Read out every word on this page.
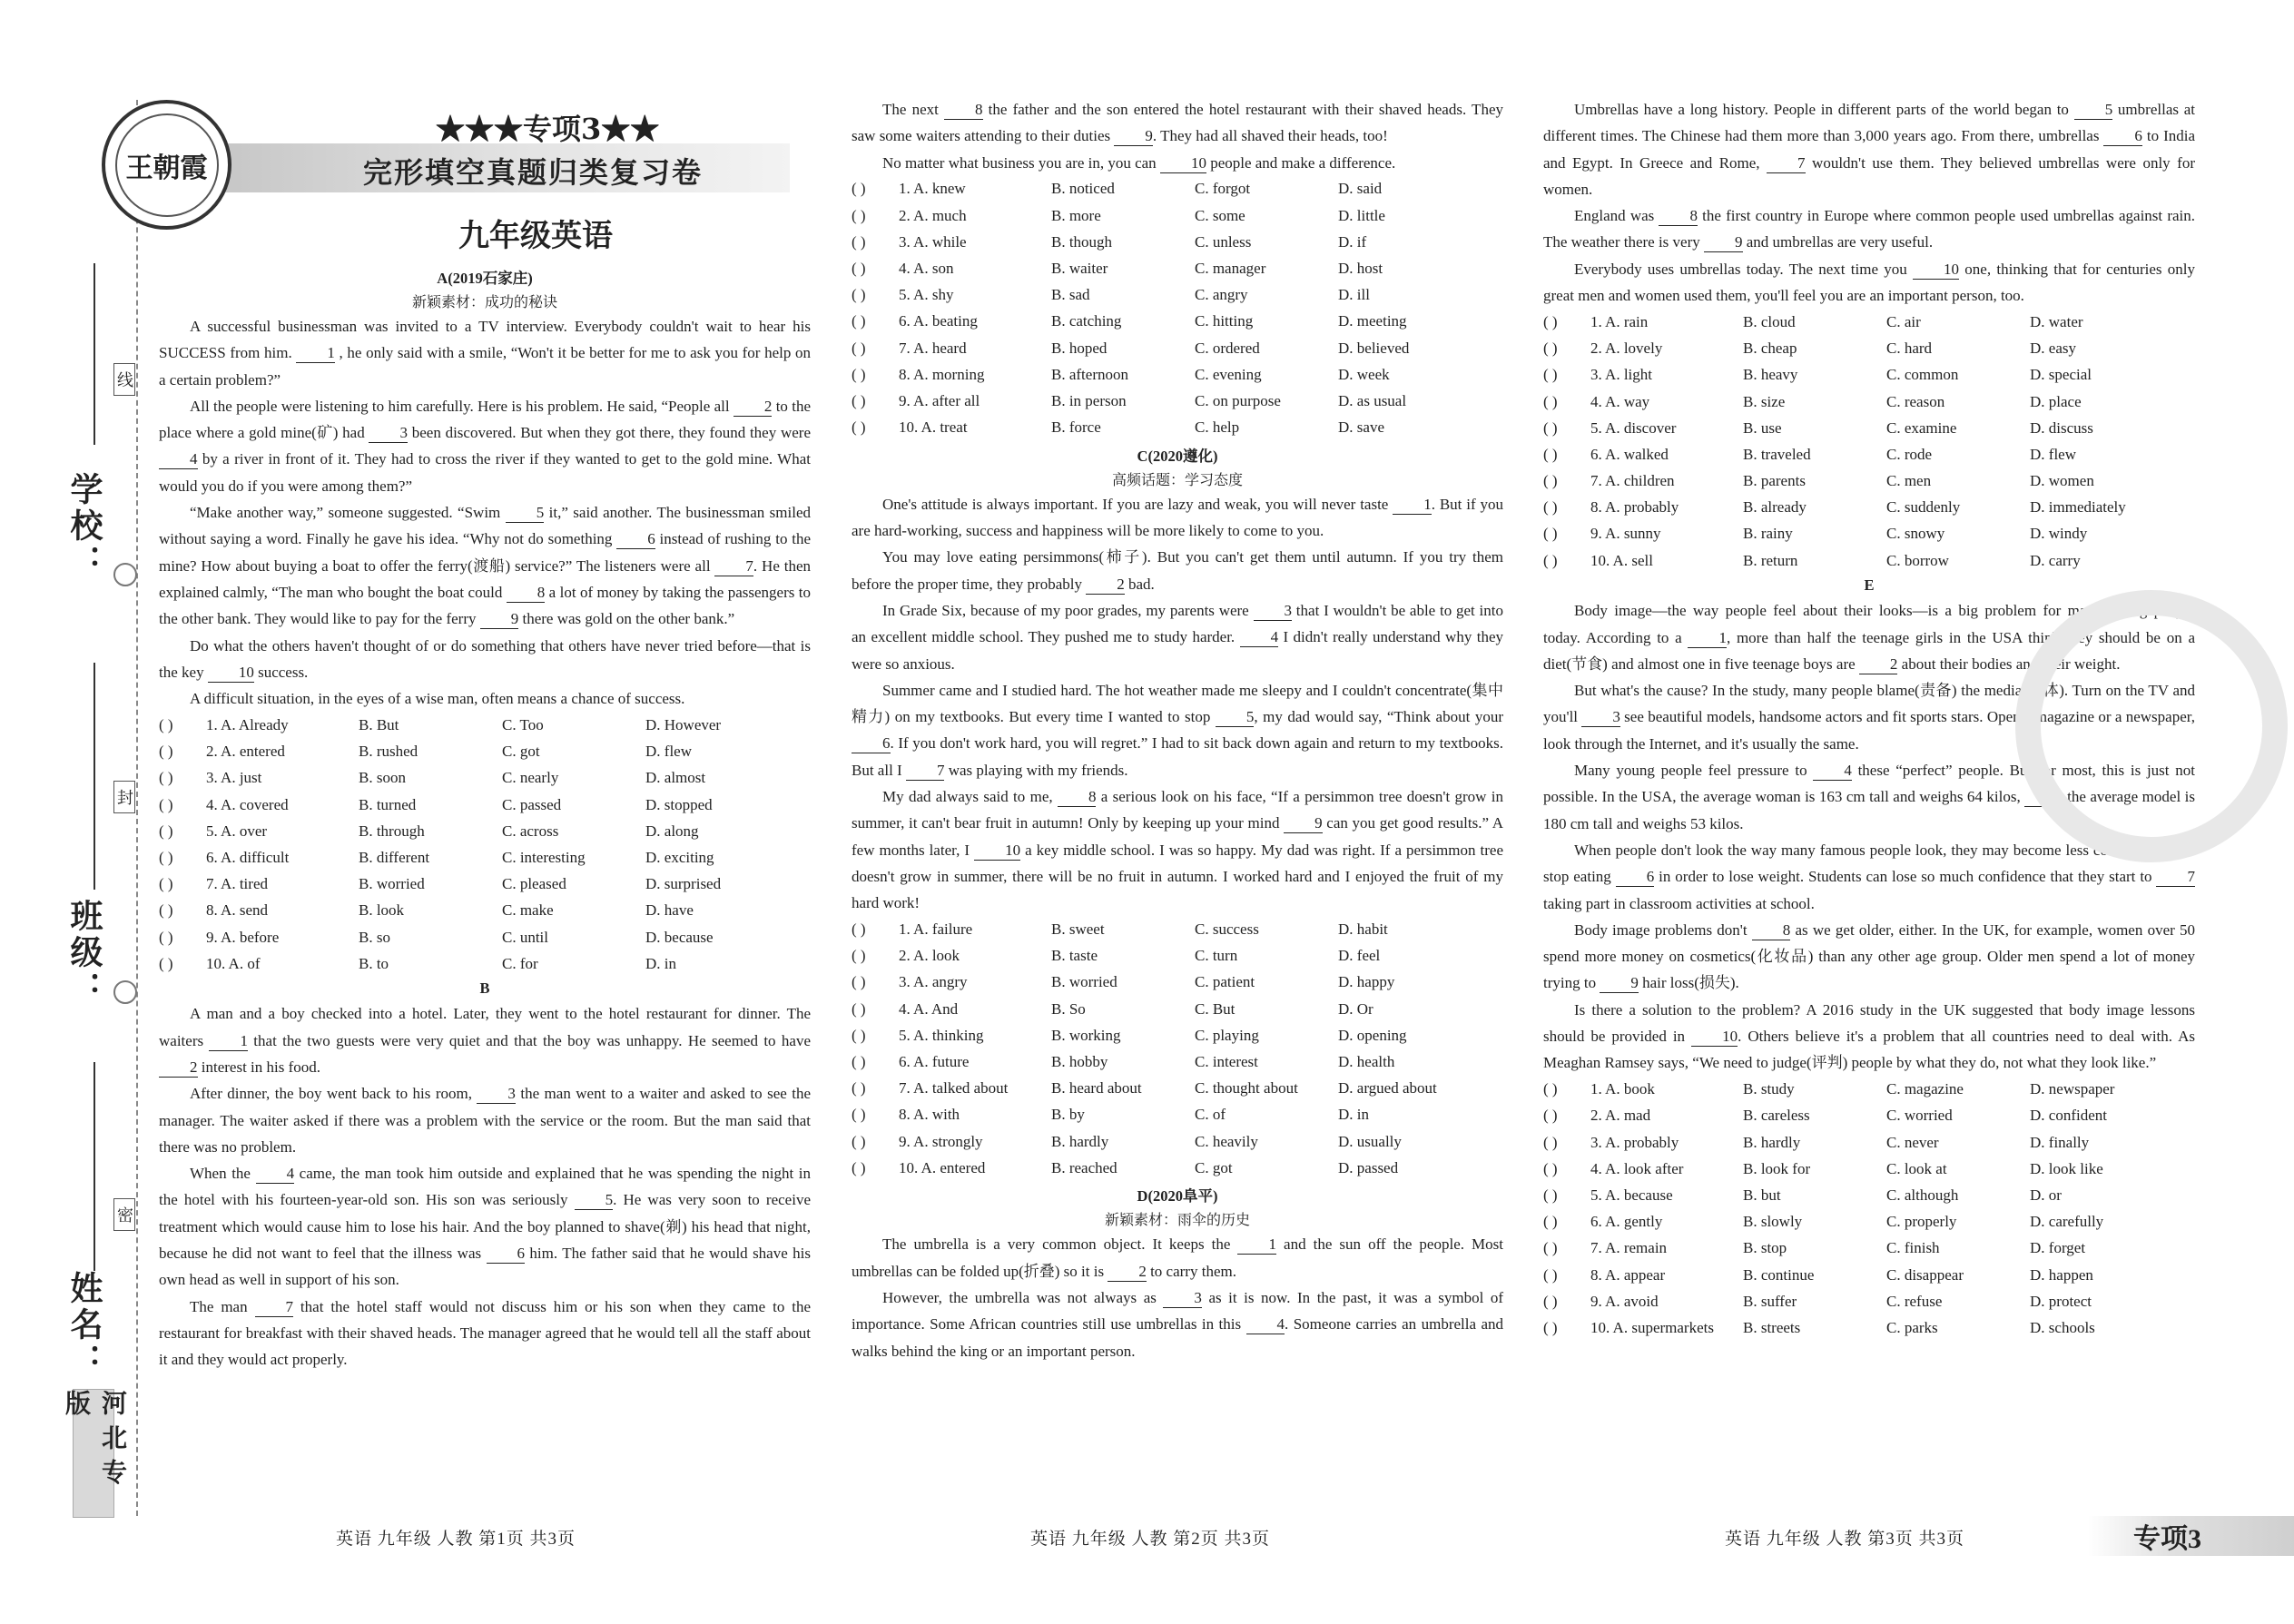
学校：
班级：
姓名：
线
封
密
河北专版
王朝霞
★★★专项3★★
完形填空真题归类复习卷
九年级英语
A(2019石家庄)
新颖素材：成功的秘诀

A successful businessman was invited to a TV interview. Everybody couldn't wait to hear his SUCCESS from him. 1 , he only said with a smile, “Won't it be better for me to ask you for help on a certain problem?”

All the people were listening to him carefully. Here is his problem. He said, “People all 2 to the place where a gold mine(矿) had 3 been discovered. But when they got there, they found they were 4 by a river in front of it. They had to cross the river if they wanted to get to the gold mine. What would you do if you were among them?”

“Make another way,” someone suggested. “Swim 5 it,” said another. The businessman smiled without saying a word. Finally he gave his idea. “Why not do something 6 instead of rushing to the mine? How about buying a boat to offer the ferry(渡船) service?” The listeners were all 7. He then explained calmly, “The man who bought the boat could 8 a lot of money by taking the passengers to the other bank. They would like to pay for the ferry 9 there was gold on the other bank.”

Do what the others haven't thought of or do something that others have never tried before—that is the key 10 success.

A difficult situation, in the eyes of a wise man, often means a chance of success.

( )	1. A. Already	B. But	C. Too	D. However
( )	2. A. entered	B. rushed	C. got	D. flew
( )	3. A. just	B. soon	C. nearly	D. almost
( )	4. A. covered	B. turned	C. passed	D. stopped
( )	5. A. over	B. through	C. across	D. along
( )	6. A. difficult	B. different	C. interesting	D. exciting
( )	7. A. tired	B. worried	C. pleased	D. surprised
( )	8. A. send	B. look	C. make	D. have
( )	9. A. before	B. so	C. until	D. because
( )	10. A. of	B. to	C. for	D. in
B

A man and a boy checked into a hotel. Later, they went to the hotel restaurant for dinner. The waiters 1 that the two guests were very quiet and that the boy was unhappy. He seemed to have 2 interest in his food.

After dinner, the boy went back to his room, 3 the man went to a waiter and asked to see the manager. The waiter asked if there was a problem with the service or the room. But the man said that there was no problem.

When the 4 came, the man took him outside and explained that he was spending the night in the hotel with his fourteen-year-old son. His son was seriously 5. He was very soon to receive treatment which would cause him to lose his hair. And the boy planned to shave(剃) his head that night, because he did not want to feel that the illness was 6 him. The father said that he would shave his own head as well in support of his son.

The man 7 that the hotel staff would not discuss him or his son when they came to the restaurant for breakfast with their shaved heads. The manager agreed that he would tell all the staff about it and they would act properly.

The next 8 the father and the son entered the hotel restaurant with their shaved heads. They saw some waiters attending to their duties 9. They had all shaved their heads, too!

No matter what business you are in, you can 10 people and make a difference.

( )	1. A. knew	B. noticed	C. forgot	D. said
( )	2. A. much	B. more	C. some	D. little
( )	3. A. while	B. though	C. unless	D. if
( )	4. A. son	B. waiter	C. manager	D. host
( )	5. A. shy	B. sad	C. angry	D. ill
( )	6. A. beating	B. catching	C. hitting	D. meeting
( )	7. A. heard	B. hoped	C. ordered	D. believed
( )	8. A. morning	B. afternoon	C. evening	D. week
( )	9. A. after all	B. in person	C. on purpose	D. as usual
( )	10. A. treat	B. force	C. help	D. save
C(2020遵化)
高频话题：学习态度

One's attitude is always important. If you are lazy and weak, you will never taste 1. But if you are hard-working, success and happiness will be more likely to come to you.

You may love eating persimmons(柿子). But you can't get them until autumn. If you try them before the proper time, they probably 2 bad.

In Grade Six, because of my poor grades, my parents were 3 that I wouldn't be able to get into an excellent middle school. They pushed me to study harder. 4 I didn't really understand why they were so anxious.

Summer came and I studied hard. The hot weather made me sleepy and I couldn't concentrate(集中精力) on my textbooks. But every time I wanted to stop 5, my dad would say, “Think about your 6. If you don't work hard, you will regret.” I had to sit back down again and return to my textbooks. But all I 7 was playing with my friends.

My dad always said to me, 8 a serious look on his face, “If a persimmon tree doesn't grow in summer, it can't bear fruit in autumn! Only by keeping up your mind 9 can you get good results.” A few months later, I 10 a key middle school. I was so happy. My dad was right. If a persimmon tree doesn't grow in summer, there will be no fruit in autumn. I worked hard and I enjoyed the fruit of my hard work!

( )	1. A. failure	B. sweet	C. success	D. habit
( )	2. A. look	B. taste	C. turn	D. feel
( )	3. A. angry	B. worried	C. patient	D. happy
( )	4. A. And	B. So	C. But	D. Or
( )	5. A. thinking	B. working	C. playing	D. opening
( )	6. A. future	B. hobby	C. interest	D. health
( )	7. A. talked about	B. heard about	C. thought about	D. argued about
( )	8. A. with	B. by	C. of	D. in
( )	9. A. strongly	B. hardly	C. heavily	D. usually
( )	10. A. entered	B. reached	C. got	D. passed
D(2020阜平)
新颖素材：雨伞的历史

The umbrella is a very common object. It keeps the 1 and the sun off the people. Most umbrellas can be folded up(折叠) so it is 2 to carry them.

However, the umbrella was not always as 3 as it is now. In the past, it was a symbol of importance. Some African countries still use umbrellas in this 4. Someone carries an umbrella and walks behind the king or an important person.

Umbrellas have a long history. People in different parts of the world began to 5 umbrellas at different times. The Chinese had them more than 3,000 years ago. From there, umbrellas 6 to India and Egypt. In Greece and Rome, 7 wouldn't use them. They believed umbrellas were only for women.

England was 8 the first country in Europe where common people used umbrellas against rain. The weather there is very 9 and umbrellas are very useful.

Everybody uses umbrellas today. The next time you 10 one, thinking that for centuries only great men and women used them, you'll feel you are an important person, too.

( )	1. A. rain	B. cloud	C. air	D. water
( )	2. A. lovely	B. cheap	C. hard	D. easy
( )	3. A. light	B. heavy	C. common	D. special
( )	4. A. way	B. size	C. reason	D. place
( )	5. A. discover	B. use	C. examine	D. discuss
( )	6. A. walked	B. traveled	C. rode	D. flew
( )	7. A. children	B. parents	C. men	D. women
( )	8. A. probably	B. already	C. suddenly	D. immediately
( )	9. A. sunny	B. rainy	C. snowy	D. windy
( )	10. A. sell	B. return	C. borrow	D. carry
E

Body image—the way people feel about their looks—is a big problem for many young people today. According to a 1, more than half the teenage girls in the USA think they should be on a diet(节食) and almost one in five teenage boys are 2 about their bodies and their weight.

But what's the cause? In the study, many people blame(责备) the media(媒体). Turn on the TV and you'll 3 see beautiful models, handsome actors and fit sports stars. Open a magazine or a newspaper, look through the Internet, and it's usually the same.

Many young people feel pressure to 4 these “perfect” people. But for most, this is just not possible. In the USA, the average woman is 163 cm tall and weighs 64 kilos, 5 the average model is 180 cm tall and weighs 53 kilos.

When people don't look the way many famous people look, they may become less confident. Some stop eating 6 in order to lose weight. Students can lose so much confidence that they start to 7 taking part in classroom activities at school.

Body image problems don't 8 as we get older, either. In the UK, for example, women over 50 spend more money on cosmetics(化妆品) than any other age group. Older men spend a lot of money trying to 9 hair loss(损失).

Is there a solution to the problem? A 2016 study in the UK suggested that body image lessons should be provided in 10. Others believe it's a problem that all countries need to deal with. As Meaghan Ramsey says, “We need to judge(评判) people by what they do, not what they look like.”

( )	1. A. book	B. study	C. magazine	D. newspaper
( )	2. A. mad	B. careless	C. worried	D. confident
( )	3. A. probably	B. hardly	C. never	D. finally
( )	4. A. look after	B. look for	C. look at	D. look like
( )	5. A. because	B. but	C. although	D. or
( )	6. A. gently	B. slowly	C. properly	D. carefully
( )	7. A. remain	B. stop	C. finish	D. forget
( )	8. A. appear	B. continue	C. disappear	D. happen
( )	9. A. avoid	B. suffer	C. refuse	D. protect
( )	10. A. supermarkets	B. streets	C. parks	D. schools
英语 九年级 人教 第1页 共3页	英语 九年级 人教 第2页 共3页	英语 九年级 人教 第3页 共3页	专项3
